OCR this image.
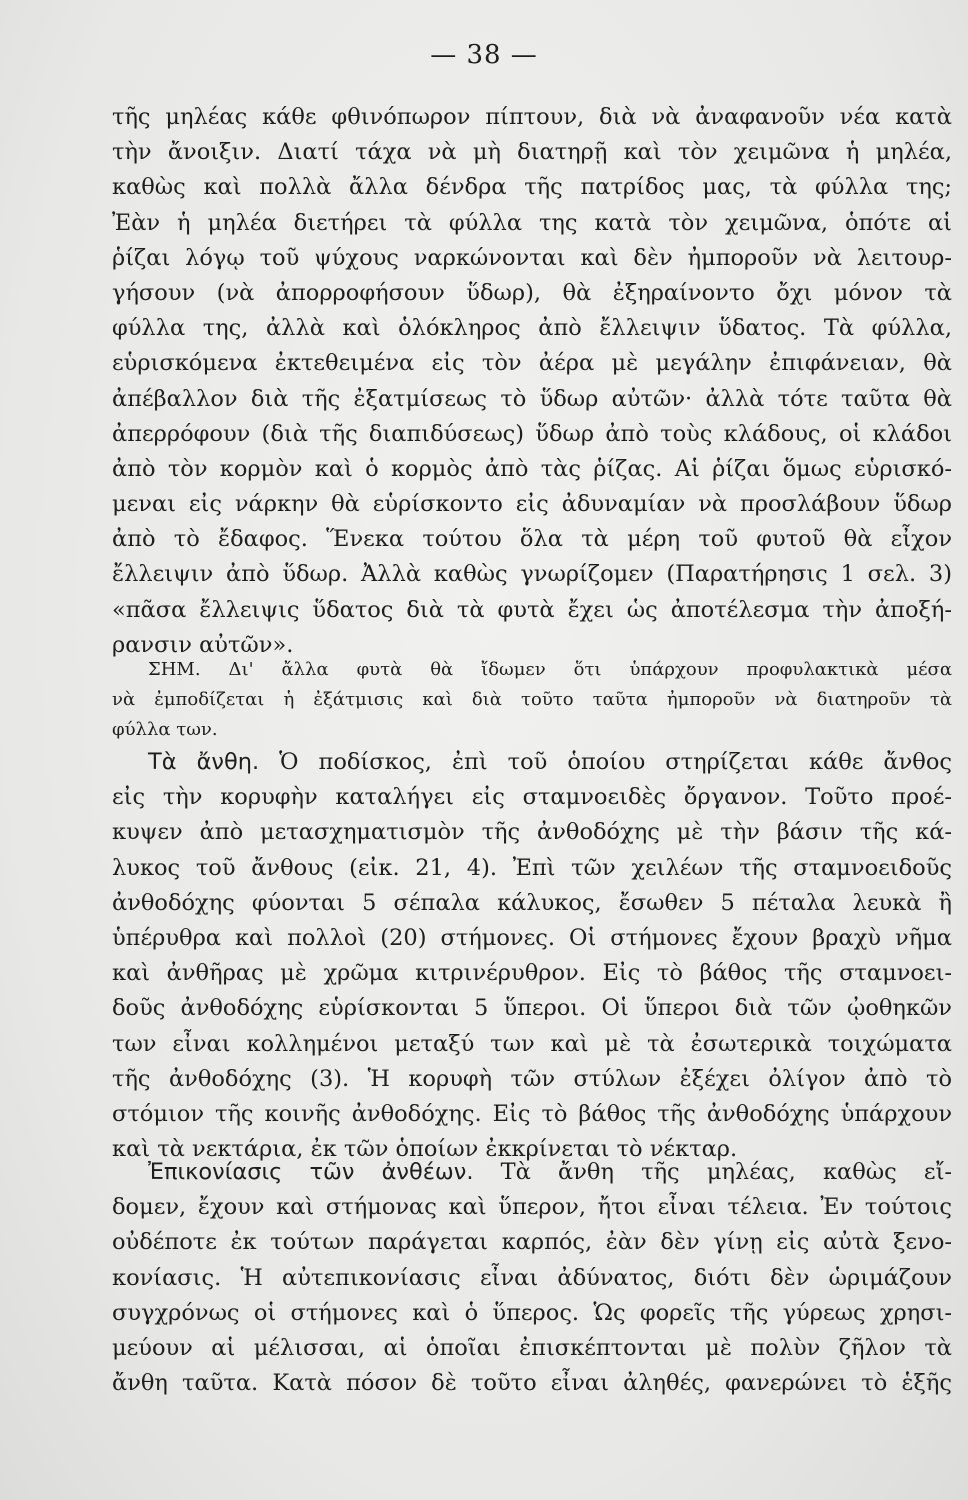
— 38 —
τῆς μηλέας κάθε φθινόπωρον πίπτουν, διὰ νὰ ἀναφανοῦν νέα κατὰ
τὴν ἄνοιξιν. Διατί τάχα νὰ μὴ διατηρῇ καὶ τὸν χειμῶνα ἡ μηλέα,
καθὼς καὶ πολλὰ ἄλλα δένδρα τῆς πατρίδος μας, τὰ φύλλα της;
Ἐὰν ἡ μηλέα διετήρει τὰ φύλλα της κατὰ τὸν χειμῶνα, ὁπότε αἱ
ῥίζαι λόγῳ τοῦ ψύχους ναρκώνονται καὶ δὲν ἠμποροῦν νὰ λειτουρ-
γήσουν (νὰ ἀπορροφήσουν ὕδωρ), θὰ ἐξηραίνοντο ὄχι μόνον τὰ
φύλλα της, ἀλλὰ καὶ ὁλόκληρος ἀπὸ ἔλλειψιν ὕδατος. Τὰ φύλλα,
εὑρισκόμενα ἐκτεθειμένα εἰς τὸν ἀέρα μὲ μεγάλην ἐπιφάνειαν, θὰ
ἀπέβαλλον διὰ τῆς ἐξατμίσεως τὸ ὕδωρ αὐτῶν· ἀλλὰ τότε ταῦτα θὰ
ἀπερρόφουν (διὰ τῆς διαπιδύσεως) ὕδωρ ἀπὸ τοὺς κλάδους, οἱ κλάδοι
ἀπὸ τὸν κορμὸν καὶ ὁ κορμὸς ἀπὸ τὰς ῥίζας. Αἱ ῥίζαι ὅμως εὑρισκό-
μεναι εἰς νάρκην θὰ εὑρίσκοντο εἰς ἀδυναμίαν νὰ προσλάβουν ὕδωρ
ἀπὸ τὸ ἔδαφος. Ἕνεκα τούτου ὅλα τὰ μέρη τοῦ φυτοῦ θὰ εἶχον
ἔλλειψιν ἀπὸ ὕδωρ. Ἀλλὰ καθὼς γνωρίζομεν (Παρατήρησις 1 σελ. 3)
«πᾶσα ἔλλειψις ὕδατος διὰ τὰ φυτὰ ἔχει ὡς ἀποτέλεσμα τὴν ἀποξή-
ρανσιν αὐτῶν».
ΣΗΜ. Δι' ἄλλα φυτὰ θὰ ἴδωμεν ὅτι ὑπάρχουν προφυλακτικὰ μέσα
νὰ ἐμποδίζεται ἡ ἐξάτμισις καὶ διὰ τοῦτο ταῦτα ἠμποροῦν νὰ διατηροῦν τὰ
φύλλα των.
Τὰ ἄνθη. Ὁ ποδίσκος, ἐπὶ τοῦ ὁποίου στηρίζεται κάθε ἄνθος
εἰς τὴν κορυφὴν καταλήγει εἰς σταμνοειδὲς ὄργανον. Τοῦτο προέ-
κυψεν ἀπὸ μετασχηματισμὸν τῆς ἀνθοδόχης μὲ τὴν βάσιν τῆς κά-
λυκος τοῦ ἄνθους (εἰκ. 21, 4). Ἐπὶ τῶν χειλέων τῆς σταμνοειδοῦς
ἀνθοδόχης φύονται 5 σέπαλα κάλυκος, ἔσωθεν 5 πέταλα λευκὰ ἢ
ὑπέρυθρα καὶ πολλοὶ (20) στήμονες. Οἱ στήμονες ἔχουν βραχὺ νῆμα
καὶ ἀνθῆρας μὲ χρῶμα κιτρινέρυθρον. Εἰς τὸ βάθος τῆς σταμνοει-
δοῦς ἀνθοδόχης εὑρίσκονται 5 ὕπεροι. Οἱ ὕπεροι διὰ τῶν ᾠοθηκῶν
των εἶναι κολλημένοι μεταξύ των καὶ μὲ τὰ ἐσωτερικὰ τοιχώματα
τῆς ἀνθοδόχης (3). Ἡ κορυφὴ τῶν στύλων ἐξέχει ὀλίγον ἀπὸ τὸ
στόμιον τῆς κοινῆς ἀνθοδόχης. Εἰς τὸ βάθος τῆς ἀνθοδόχης ὑπάρχουν
καὶ τὰ νεκτάρια, ἐκ τῶν ὁποίων ἐκκρίνεται τὸ νέκταρ.
Ἐπικονίασις τῶν ἀνθέων. Τὰ ἄνθη τῆς μηλέας, καθὼς εἴ-
δομεν, ἔχουν καὶ στήμονας καὶ ὕπερον, ἤτοι εἶναι τέλεια. Ἐν τούτοις
οὐδέποτε ἐκ τούτων παράγεται καρπός, ἐὰν δὲν γίνῃ εἰς αὐτὰ ξενο-
κονίασις. Ἡ αὐτεπικονίασις εἶναι ἀδύνατος, διότι δὲν ὡριμάζουν
συγχρόνως οἱ στήμονες καὶ ὁ ὕπερος. Ὡς φορεῖς τῆς γύρεως χρησι-
μεύουν αἱ μέλισσαι, αἱ ὁποῖαι ἐπισκέπτονται μὲ πολὺν ζῆλον τὰ
ἄνθη ταῦτα. Κατὰ πόσον δὲ τοῦτο εἶναι ἀληθές, φανερώνει τὸ ἑξῆς
